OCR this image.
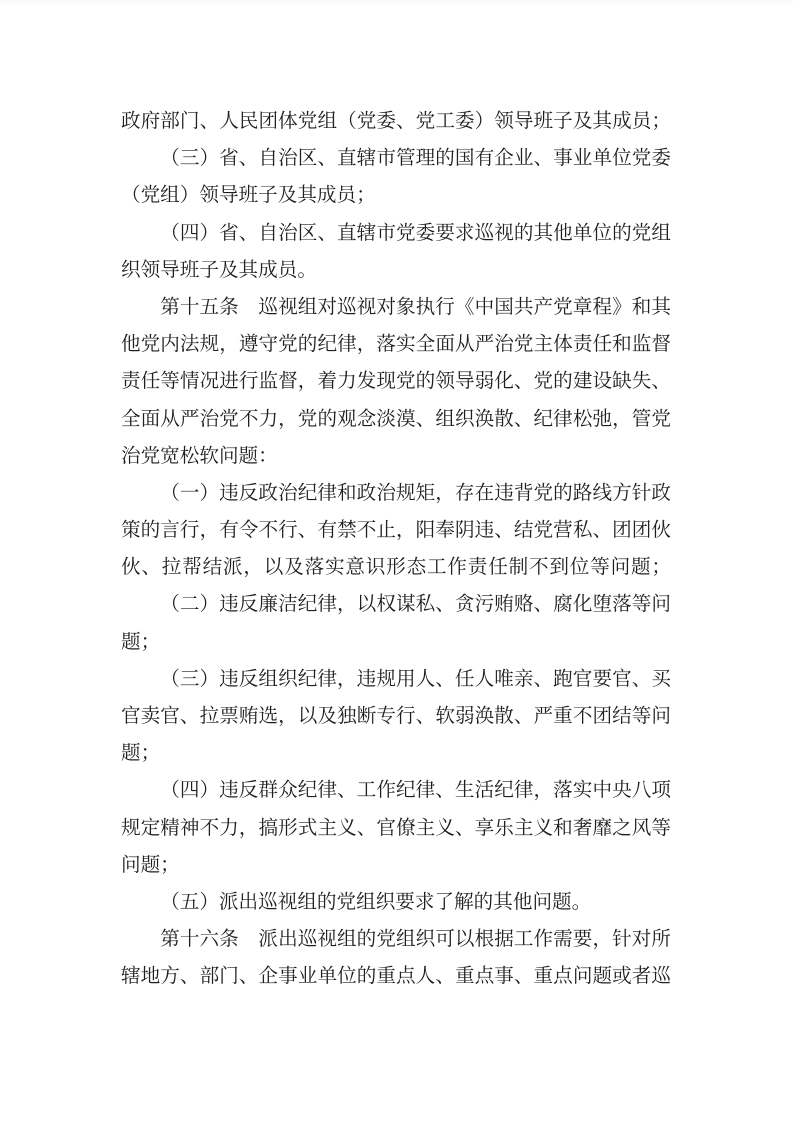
政府部门、人民团体党组（党委、党工委）领导班子及其成员；
（三）省、自治区、直辖市管理的国有企业、事业单位党委
（党组）领导班子及其成员；
（四）省、自治区、直辖市党委要求巡视的其他单位的党组
织领导班子及其成员。
第十五条　巡视组对巡视对象执行《中国共产党章程》和其
他党内法规，遵守党的纪律，落实全面从严治党主体责任和监督
责任等情况进行监督，着力发现党的领导弱化、党的建设缺失、
全面从严治党不力，党的观念淡漠、组织涣散、纪律松弛，管党
治党宽松软问题：
（一）违反政治纪律和政治规矩，存在违背党的路线方针政
策的言行，有令不行、有禁不止，阳奉阴违、结党营私、团团伙
伙、拉帮结派，以及落实意识形态工作责任制不到位等问题；
（二）违反廉洁纪律，以权谋私、贪污贿赂、腐化堕落等问
题；
（三）违反组织纪律，违规用人、任人唯亲、跑官要官、买
官卖官、拉票贿选，以及独断专行、软弱涣散、严重不团结等问
题；
（四）违反群众纪律、工作纪律、生活纪律，落实中央八项
规定精神不力，搞形式主义、官僚主义、享乐主义和奢靡之风等
问题；
（五）派出巡视组的党组织要求了解的其他问题。
第十六条　派出巡视组的党组织可以根据工作需要，针对所
辖地方、部门、企事业单位的重点人、重点事、重点问题或者巡
